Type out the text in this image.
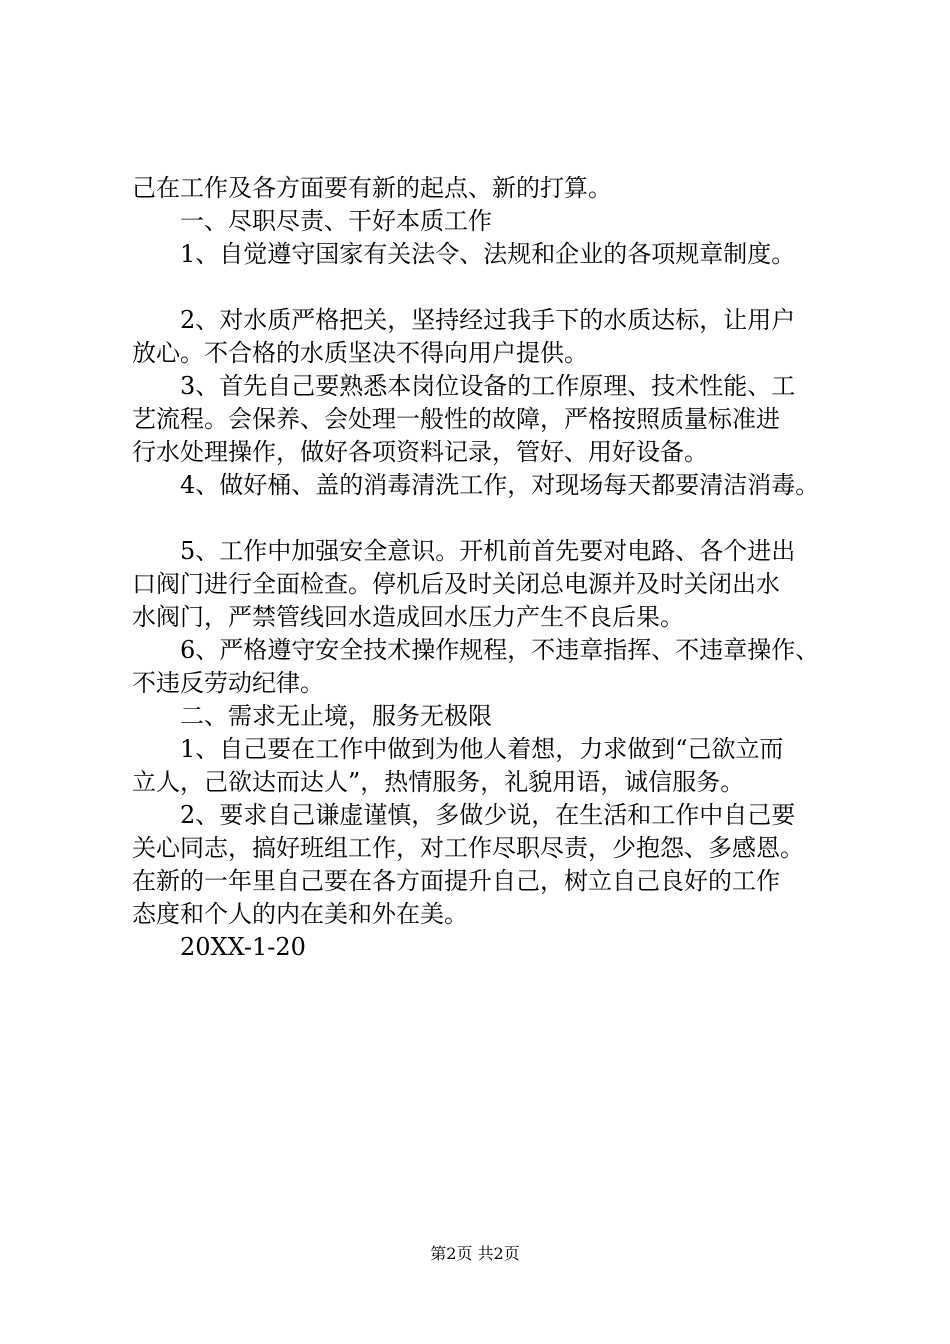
己在工作及各方面要有新的起点、新的打算。
一、尽职尽责、干好本质工作
1、自觉遵守国家有关法令、法规和企业的各项规章制度。
2、对水质严格把关，坚持经过我手下的水质达标，让用户
放心。不合格的水质坚决不得向用户提供。
3、首先自己要熟悉本岗位设备的工作原理、技术性能、工
艺流程。会保养、会处理一般性的故障，严格按照质量标准进
行水处理操作，做好各项资料记录，管好、用好设备。
4、做好桶、盖的消毒清洗工作，对现场每天都要清洁消毒。
5、工作中加强安全意识。开机前首先要对电路、各个进出
口阀门进行全面检查。停机后及时关闭总电源并及时关闭出水
水阀门，严禁管线回水造成回水压力产生不良后果。
6、严格遵守安全技术操作规程，不违章指挥、不违章操作、
不违反劳动纪律。
二、需求无止境，服务无极限
1、自己要在工作中做到为他人着想，力求做到“己欲立而
立人，己欲达而达人”，热情服务，礼貌用语，诚信服务。
2、要求自己谦虚谨慎，多做少说，在生活和工作中自己要
关心同志，搞好班组工作，对工作尽职尽责，少抱怨、多感恩。
在新的一年里自己要在各方面提升自己，树立自己良好的工作
态度和个人的内在美和外在美。
20XX-1-20
第2页 共2页
